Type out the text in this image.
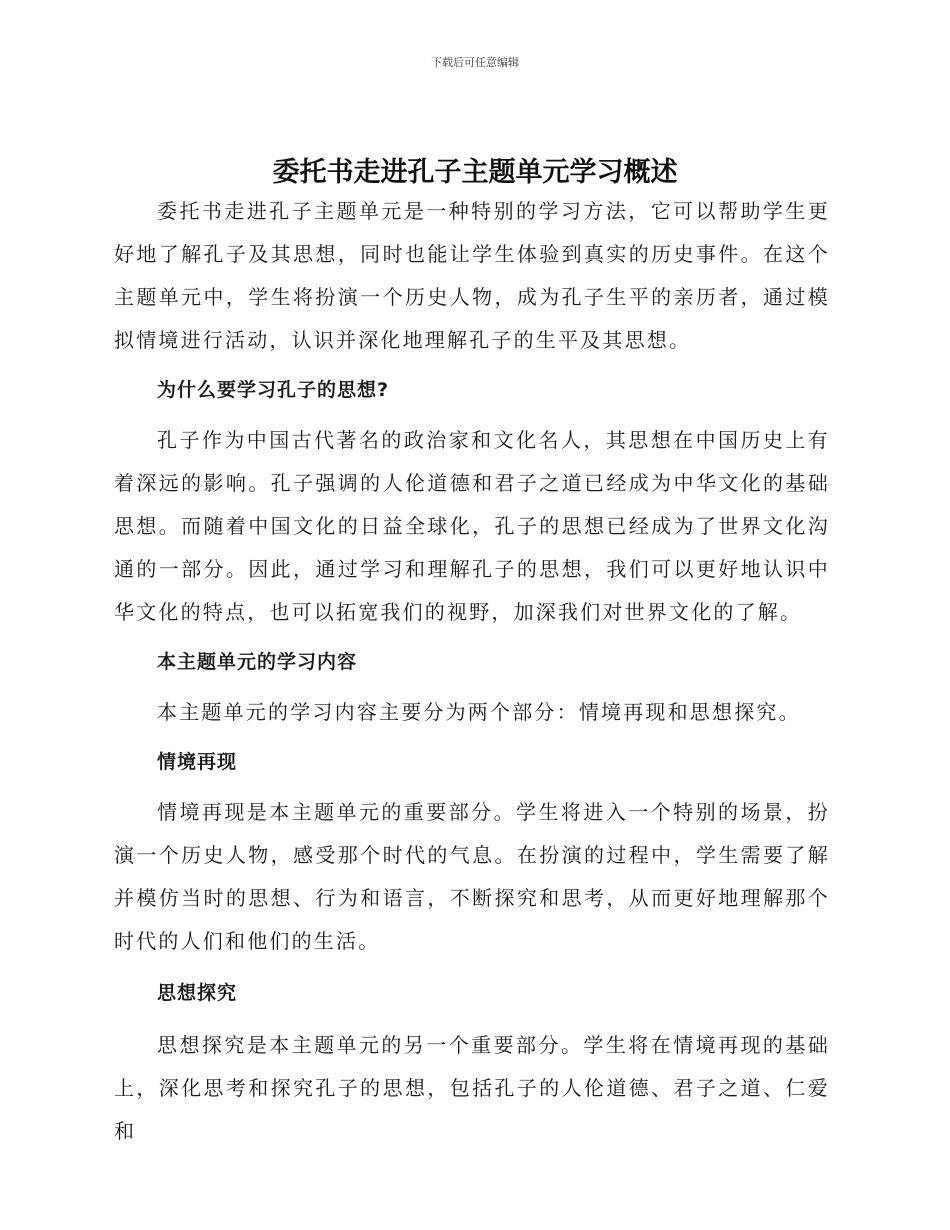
下载后可任意编辑
委托书走进孔子主题单元学习概述

委托书走进孔子主题单元是一种特别的学习方法，它可以帮助学生更好地了解孔子及其思想，同时也能让学生体验到真实的历史事件。在这个主题单元中，学生将扮演一个历史人物，成为孔子生平的亲历者，通过模拟情境进行活动，认识并深化地理解孔子的生平及其思想。

为什么要学习孔子的思想?

孔子作为中国古代著名的政治家和文化名人，其思想在中国历史上有着深远的影响。孔子强调的人伦道德和君子之道已经成为中华文化的基础思想。而随着中国文化的日益全球化，孔子的思想已经成为了世界文化沟通的一部分。因此，通过学习和理解孔子的思想，我们可以更好地认识中华文化的特点，也可以拓宽我们的视野，加深我们对世界文化的了解。

本主题单元的学习内容

本主题单元的学习内容主要分为两个部分：情境再现和思想探究。

情境再现

情境再现是本主题单元的重要部分。学生将进入一个特别的场景，扮演一个历史人物，感受那个时代的气息。在扮演的过程中，学生需要了解并模仿当时的思想、行为和语言，不断探究和思考，从而更好地理解那个时代的人们和他们的生活。

思想探究

思想探究是本主题单元的另一个重要部分。学生将在情境再现的基础上，深化思考和探究孔子的思想，包括孔子的人伦道德、君子之道、仁爱和
